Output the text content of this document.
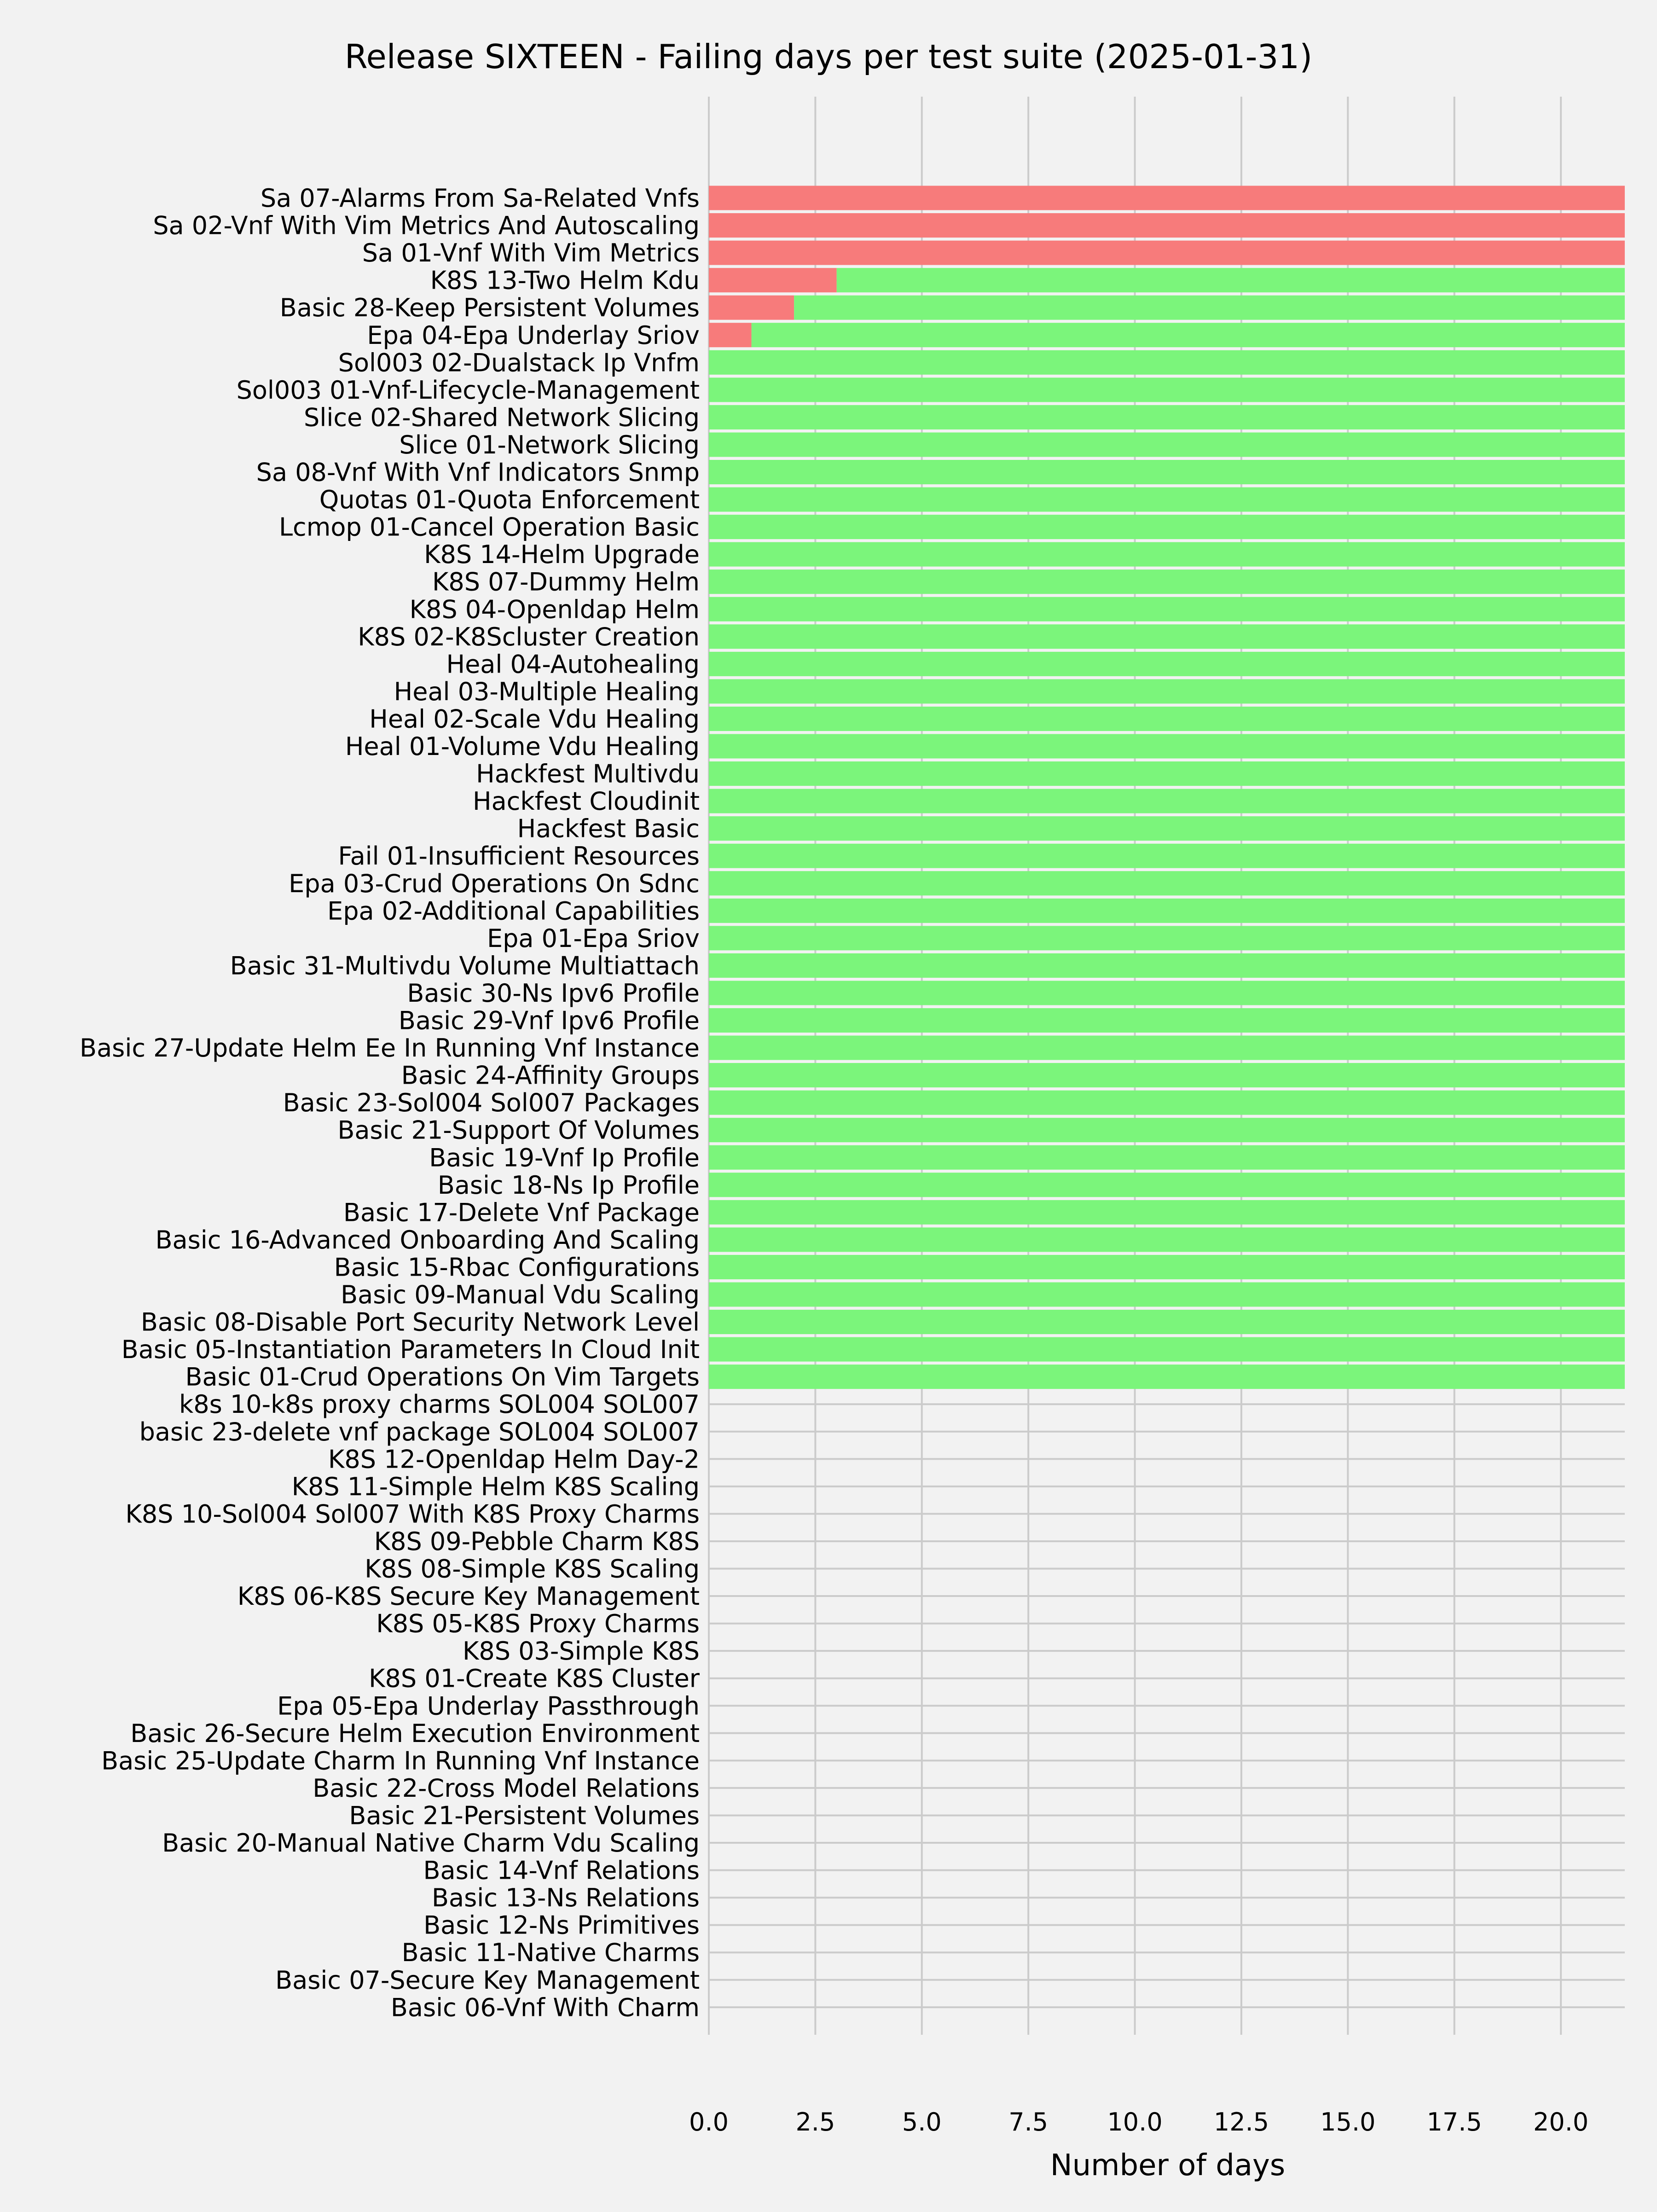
Release SIXTEEN - Failing days per test suite (2025-01-31)
Sa 07-Alarms From Sa-Related Vnfs
Sa 02-Vnf With Vim Metrics And Autoscaling
Sa 01-Vnf With Vim Metrics
K8S 13-Two Helm Kdu
Basic 28-Keep Persistent Volumes
Epa 04-Epa Underlay Sriov
Sol003 02-Dualstack Ip Vnfm
Sol003 01-Vnf-Lifecycle-Management
Slice 02-Shared Network Slicing
Slice 01-Network Slicing
Sa 08-Vnf With Vnf Indicators Snmp
Quotas 01-Quota Enforcement
Lcmop 01-Cancel Operation Basic
K8S 14-Helm Upgrade
K8S 07-Dummy Helm
K8S 04-Openldap Helm
K8S 02-K8Scluster Creation
Heal 04-Autohealing
Heal 03-Multiple Healing
Heal 02-Scale Vdu Healing
Heal 01-Volume Vdu Healing
Hackfest Multivdu
Hackfest Cloudinit
Hackfest Basic
Fail 01-Insufficient Resources
Epa 03-Crud Operations On Sdnc
Epa 02-Additional Capabilities
Epa 01-Epa Sriov
Basic 31-Multivdu Volume Multiattach
Basic 30-Ns Ipv6 Profile
Basic 29-Vnf Ipv6 Profile
Basic 27-Update Helm Ee In Running Vnf Instance
Basic 24-Affinity Groups
Basic 23-Sol004 Sol007 Packages
Basic 21-Support Of Volumes
Basic 19-Vnf Ip Profile
Basic 18-Ns Ip Profile
Basic 17-Delete Vnf Package
Basic 16-Advanced Onboarding And Scaling
Basic 15-Rbac Configurations
Basic 09-Manual Vdu Scaling
Basic 08-Disable Port Security Network Level
Basic 05-Instantiation Parameters In Cloud Init
Basic 01-Crud Operations On Vim Targets
k8s 10-k8s proxy charms SOL004 SOL007
basic 23-delete vnf package SOL004 SOL007
K8S 12-Openldap Helm Day-2
K8S 11-Simple Helm K8S Scaling
K8S 10-Sol004 Sol007 With K8S Proxy Charms
K8S 09-Pebble Charm K8S
K8S 08-Simple K8S Scaling
K8S 06-K8S Secure Key Management
K8S 05-K8S Proxy Charms
K8S 03-Simple K8S
K8S 01-Create K8S Cluster
Epa 05-Epa Underlay Passthrough
Basic 26-Secure Helm Execution Environment
Basic 25-Update Charm In Running Vnf Instance
Basic 22-Cross Model Relations
Basic 21-Persistent Volumes
Basic 20-Manual Native Charm Vdu Scaling
Basic 14-Vnf Relations
Basic 13-Ns Relations
Basic 12-Ns Primitives
Basic 11-Native Charms
Basic 07-Secure Key Management
Basic 06-Vnf With Charm
0.0	2.5	5.0	7.5 10.0 12.5 15.0 17.5 20.0
Number of days
